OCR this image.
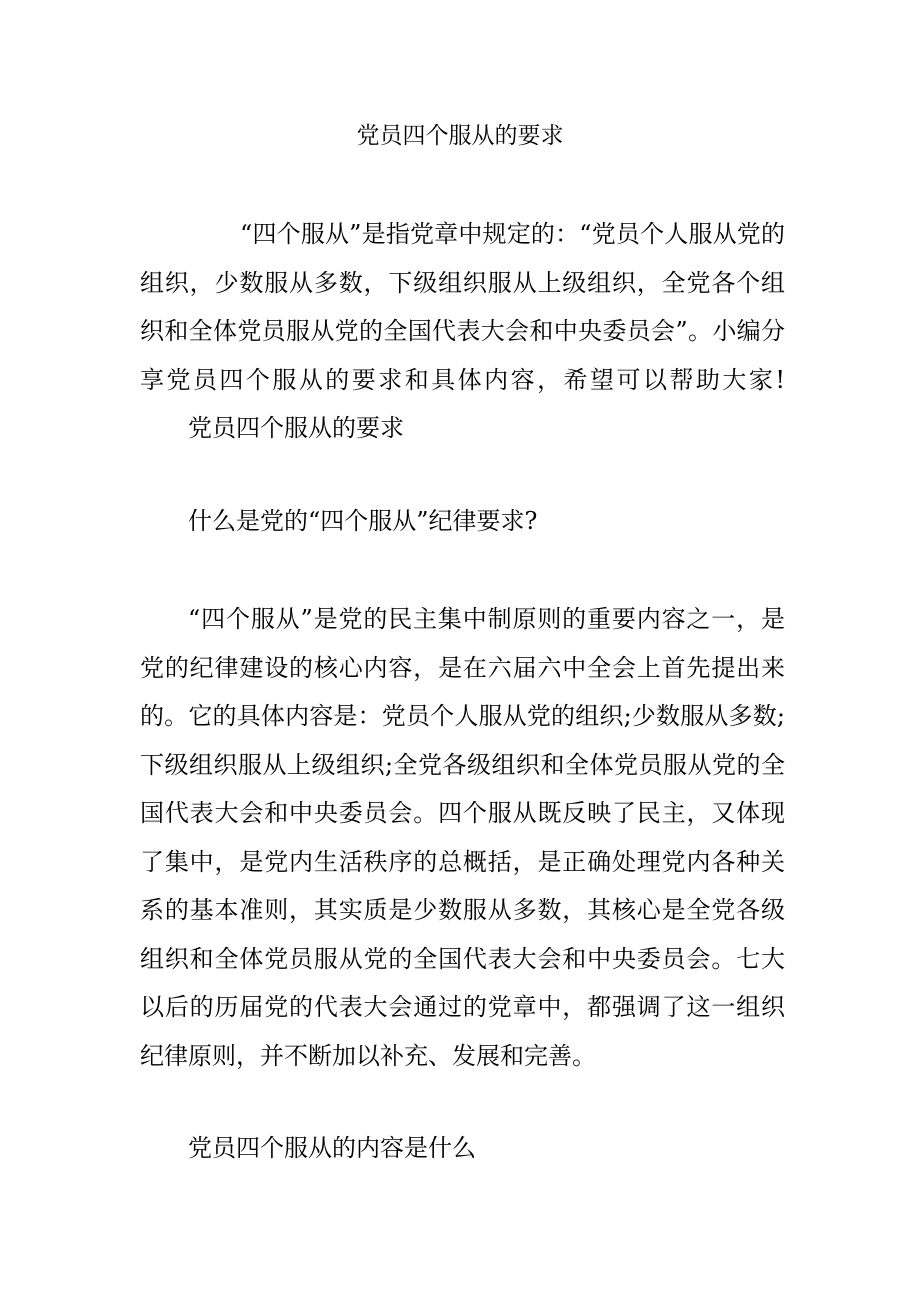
党员四个服从的要求

“四个服从”是指党章中规定的：“党员个人服从党的组织，少数服从多数，下级组织服从上级组织，全党各个组织和全体党员服从党的全国代表大会和中央委员会”。小编分享党员四个服从的要求和具体内容，希望可以帮助大家!党员四个服从的要求

什么是党的“四个服从”纪律要求?

“四个服从”是党的民主集中制原则的重要内容之一，是党的纪律建设的核心内容，是在六届六中全会上首先提出来的。它的具体内容是：党员个人服从党的组织;少数服从多数;下级组织服从上级组织;全党各级组织和全体党员服从党的全国代表大会和中央委员会。四个服从既反映了民主，又体现了集中，是党内生活秩序的总概括，是正确处理党内各种关系的基本准则，其实质是少数服从多数，其核心是全党各级组织和全体党员服从党的全国代表大会和中央委员会。七大以后的历届党的代表大会通过的党章中，都强调了这一组织纪律原则，并不断加以补充、发展和完善。

党员四个服从的内容是什么
